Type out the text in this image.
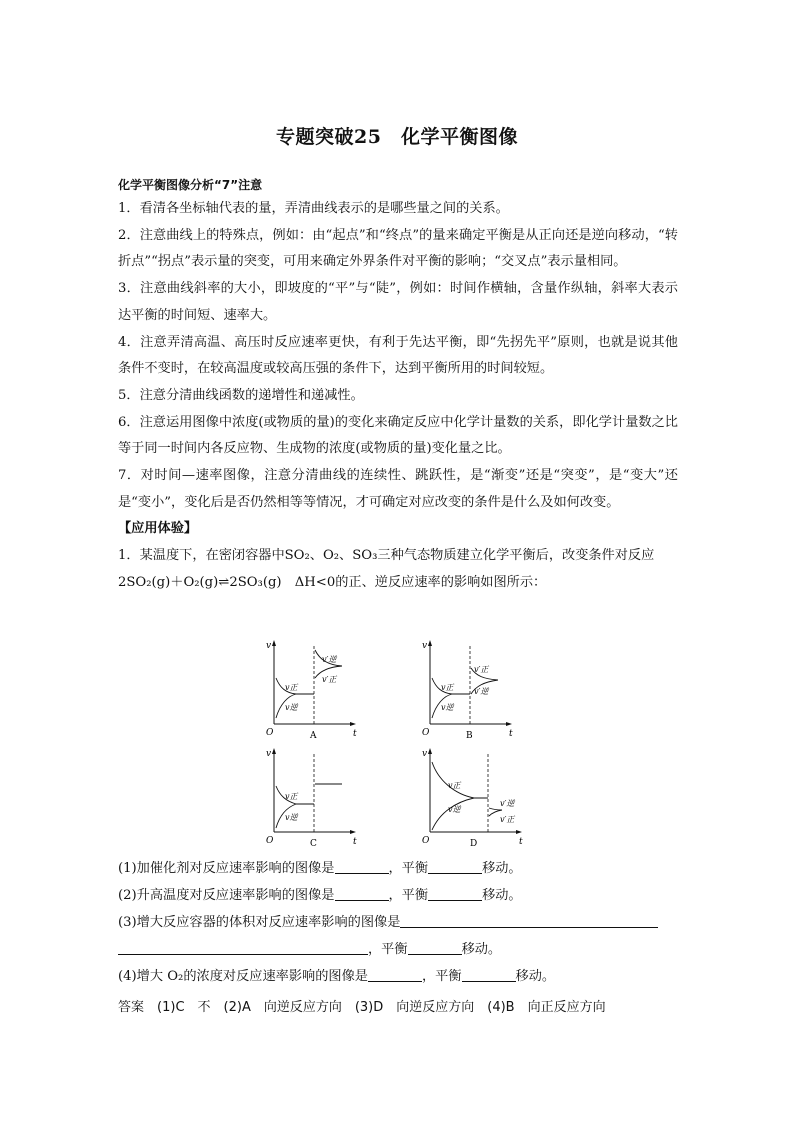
专题突破25　化学平衡图像
化学平衡图像分析“7”注意

1．看清各坐标轴代表的量，弄清曲线表示的是哪些量之间的关系。

2．注意曲线上的特殊点，例如：由“起点”和“终点”的量来确定平衡是从正向还是逆向移动，“转折点”“拐点”表示量的突变，可用来确定外界条件对平衡的影响；“交叉点”表示量相同。

3．注意曲线斜率的大小，即坡度的“平”与“陡”，例如：时间作横轴，含量作纵轴，斜率大表示达平衡的时间短、速率大。

4．注意弄清高温、高压时反应速率更快，有利于先达平衡，即“先拐先平”原则，也就是说其他条件不变时，在较高温度或较高压强的条件下，达到平衡所用的时间较短。

5．注意分清曲线函数的递增性和递减性。

6．注意运用图像中浓度(或物质的量)的变化来确定反应中化学计量数的关系，即化学计量数之比等于同一时间内各反应物、生成物的浓度(或物质的量)变化量之比。

7．对时间—速率图像，注意分清曲线的连续性、跳跃性，是“渐变”还是“突变”，是“变大”还是“变小”，变化后是否仍然相等等情况，才可确定对应改变的条件是什么及如何改变。

【应用体验】

1．某温度下，在密闭容器中SO₂、O₂、SO₃三种气态物质建立化学平衡后，改变条件对反应

2SO₂(g)＋O₂(g)⇌2SO₃(g)　ΔH<0的正、逆反应速率的影响如图所示：

v
t
O
v正
v逆
v′逆
v′正
A
v
t
O
v正
v逆
v′正
v′逆
B
v
t
O
v正
v逆
C
v
t
O
v正
v逆
v′逆
v′正
D
(1)加催化剂对反应速率影响的图像是	，平衡	移动。
(2)升高温度对反应速率影响的图像是	，平衡	移动。
(3)增大反应容器的体积对反应速率影响的图像是
，平衡	移动。
(4)增大 O₂的浓度对反应速率影响的图像是	，平衡	移动。
答案　 (1)C　不　(2)A　向逆反应方向　(3)D　向逆反应方向　(4)B　向正反应方向
